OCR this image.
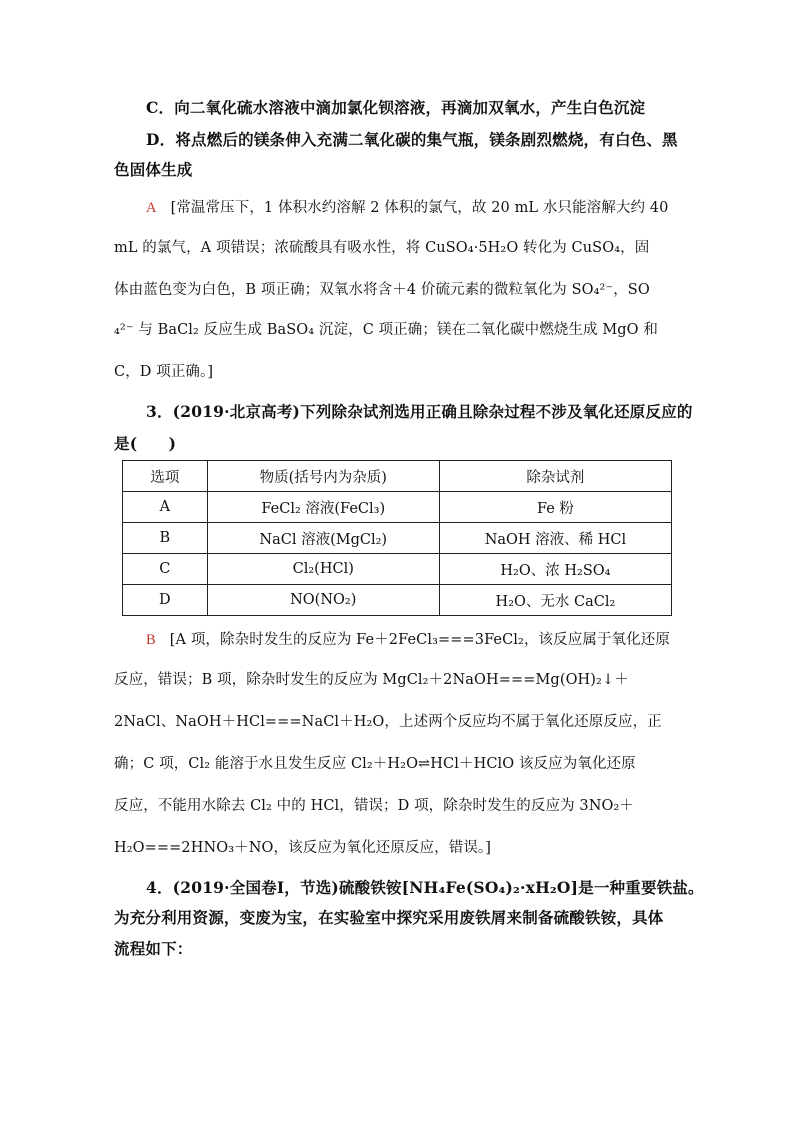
C．向二氧化硫水溶液中滴加氯化钡溶液，再滴加双氧水，产生白色沉淀
D．将点燃后的镁条伸入充满二氧化碳的集气瓶，镁条剧烈燃烧，有白色、黑
色固体生成
A [常温常压下，1 体积水约溶解 2 体积的氯气，故 20 mL 水只能溶解大约 40
mL 的氯气，A 项错误；浓硫酸具有吸水性，将 CuSO₄·5H₂O 转化为 CuSO₄，固
体由蓝色变为白色，B 项正确；双氧水将含＋4 价硫元素的微粒氧化为 SO₄²⁻，SO
₄²⁻ 与 BaCl₂ 反应生成 BaSO₄ 沉淀，C 项正确；镁在二氧化碳中燃烧生成 MgO 和
C，D 项正确。]
3．(2019·北京高考)下列除杂试剂选用正确且除杂过程不涉及氧化还原反应的
是(　　)
选项	物质(括号内为杂质)	除杂试剂
A	FeCl₂ 溶液(FeCl₃)	Fe 粉
B	NaCl 溶液(MgCl₂)	NaOH 溶液、稀 HCl
C	Cl₂(HCl)	H₂O、浓 H₂SO₄
D	NO(NO₂)	H₂O、无水 CaCl₂
B [A 项，除杂时发生的反应为 Fe＋2FeCl₃===3FeCl₂，该反应属于氧化还原
反应，错误；B 项，除杂时发生的反应为 MgCl₂＋2NaOH===Mg(OH)₂↓＋
2NaCl、NaOH＋HCl===NaCl＋H₂O，上述两个反应均不属于氧化还原反应，正
确；C 项，Cl₂ 能溶于水且发生反应 Cl₂＋H₂O⇌HCl＋HClO 该反应为氧化还原
反应，不能用水除去 Cl₂ 中的 HCl，错误；D 项，除杂时发生的反应为 3NO₂＋
H₂O===2HNO₃＋NO，该反应为氧化还原反应，错误。]
4．(2019·全国卷Ⅰ，节选)硫酸铁铵[NH₄Fe(SO₄)₂·xH₂O]是一种重要铁盐。
为充分利用资源，变废为宝，在实验室中探究采用废铁屑来制备硫酸铁铵，具体
流程如下：
